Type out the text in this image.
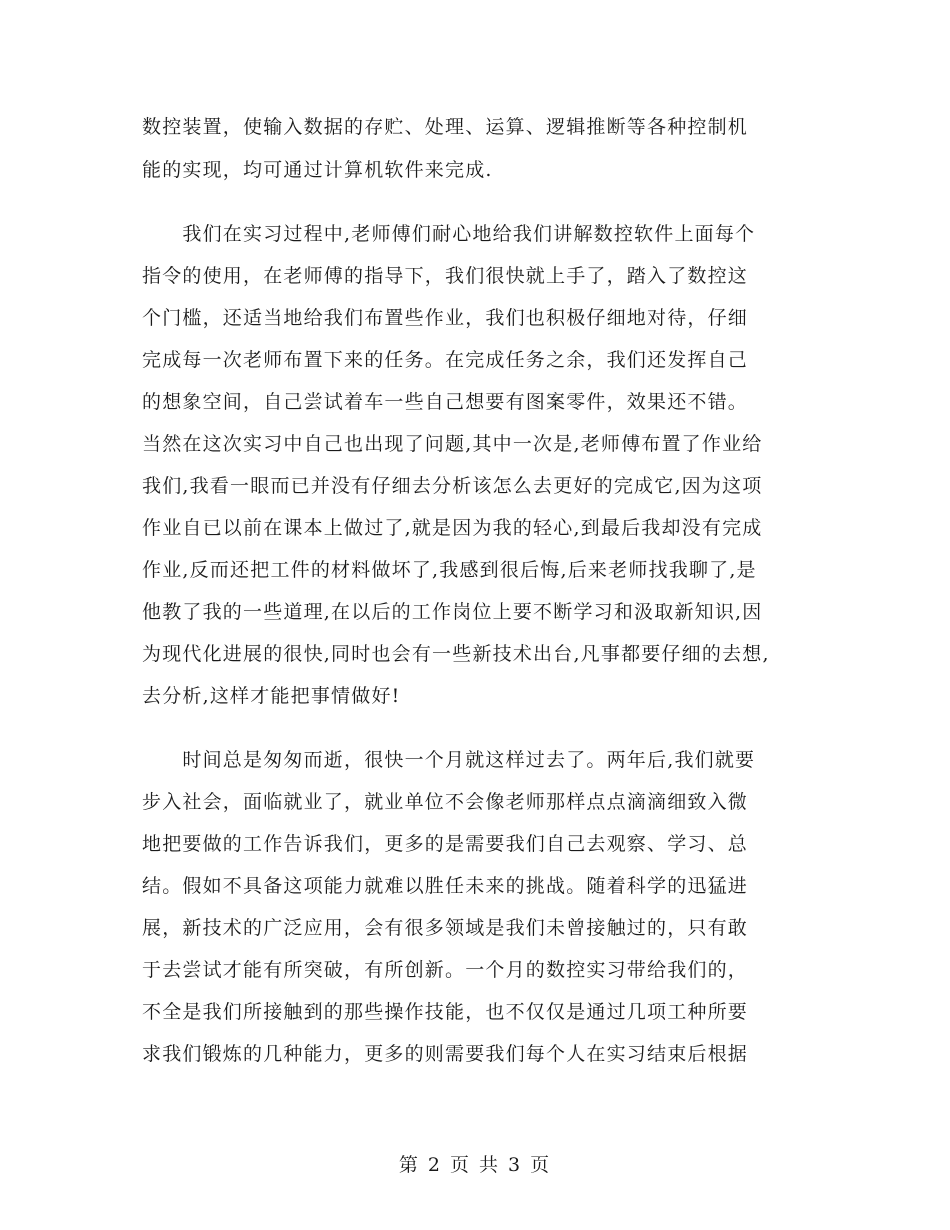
数控装置，使输入数据的存贮、处理、运算、逻辑推断等各种控制机
能的实现，均可通过计算机软件来完成.
　　我们在实习过程中,老师傅们耐心地给我们讲解数控软件上面每个
指令的使用，在老师傅的指导下，我们很快就上手了，踏入了数控这
个门槛，还适当地给我们布置些作业，我们也积极仔细地对待，仔细
完成每一次老师布置下来的任务。在完成任务之余，我们还发挥自己
的想象空间，自己尝试着车一些自己想要有图案零件，效果还不错。
当然在这次实习中自己也出现了问题,其中一次是,老师傅布置了作业给
我们,我看一眼而已并没有仔细去分析该怎么去更好的完成它,因为这项
作业自已以前在课本上做过了,就是因为我的轻心,到最后我却没有完成
作业,反而还把工件的材料做坏了,我感到很后悔,后来老师找我聊了,是
他教了我的一些道理,在以后的工作岗位上要不断学习和汲取新知识,因
为现代化进展的很快,同时也会有一些新技术出台,凡事都要仔细的去想,
去分析,这样才能把事情做好!
　　时间总是匆匆而逝，很快一个月就这样过去了。两年后,我们就要
步入社会，面临就业了，就业单位不会像老师那样点点滴滴细致入微
地把要做的工作告诉我们，更多的是需要我们自己去观察、学习、总
结。假如不具备这项能力就难以胜任未来的挑战。随着科学的迅猛进
展，新技术的广泛应用，会有很多领域是我们未曾接触过的，只有敢
于去尝试才能有所突破，有所创新。一个月的数控实习带给我们的，
不全是我们所接触到的那些操作技能，也不仅仅是通过几项工种所要
求我们锻炼的几种能力，更多的则需要我们每个人在实习结束后根据
第 2 页 共 3 页
